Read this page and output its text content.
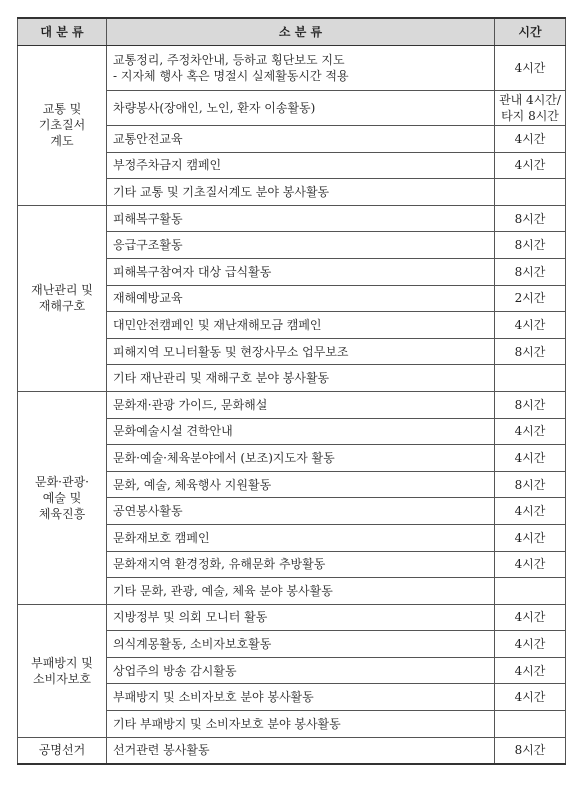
대 분 류	소 분 류	시간

교통 및
기초질서
계도	교통정리, 주정차안내, 등하교 횡단보도 지도
- 지자체 행사 혹은 명절시 실제활동시간 적용	4시간

	차량봉사(장애인, 노인, 환자 이송활동)	관내 4시간/
타지 8시간

	교통안전교육	4시간

	부정주차금지 캠페인	4시간

	기타 교통 및 기초질서계도 분야 봉사활동	

재난관리 및
재해구호	피해복구활동	8시간

	응급구조활동	8시간

	피해복구참여자 대상 급식활동	8시간

	재해예방교육	2시간

	대민안전캠페인 및 재난재해모금 캠페인	4시간

	피해지역 모니터활동 및 현장사무소 업무보조	8시간

	기타 재난관리 및 재해구호 분야 봉사활동	

문화·관광·
예술 및
체육진흥	문화재·관광 가이드, 문화해설	8시간

	문화예술시설 견학안내	4시간

	문화·예술·체육분야에서 (보조)지도자 활동	4시간

	문화, 예술, 체육행사 지원활동	8시간

	공연봉사활동	4시간

	문화재보호 캠페인	4시간

	문화재지역 환경정화, 유해문화 추방활동	4시간

	기타 문화, 관광, 예술, 체육 분야 봉사활동	

부패방지 및
소비자보호	지방정부 및 의회 모니터 활동	4시간

	의식계몽활동, 소비자보호활동	4시간

	상업주의 방송 감시활동	4시간

	부패방지 및 소비자보호 분야 봉사활동	4시간

	기타 부패방지 및 소비자보호 분야 봉사활동	

공명선거	선거관련 봉사활동	8시간
